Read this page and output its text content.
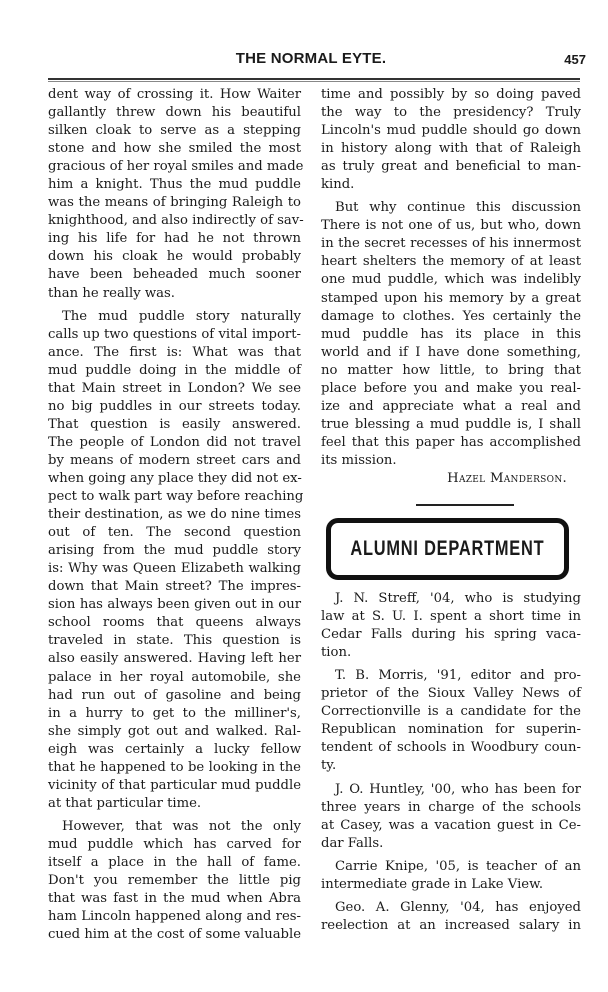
THE NORMAL EYTE.	457
dent way of crossing it. How Waiter
gallantly threw down his beautiful
silken cloak to serve as a stepping
stone and how she smiled the most
gracious of her royal smiles and made
him a knight. Thus the mud puddle
was the means of bringing Raleigh to
knighthood, and also indirectly of sav-
ing his life for had he not thrown
down his cloak he would probably
have been beheaded much sooner
than he really was.
The mud puddle story naturally
calls up two questions of vital import-
ance. The first is: What was that
mud puddle doing in the middle of
that Main street in London? We see
no big puddles in our streets today.
That question is easily answered.
The people of London did not travel
by means of modern street cars and
when going any place they did not ex-
pect to walk part way before reaching
their destination, as we do nine times
out of ten. The second question
arising from the mud puddle story
is: Why was Queen Elizabeth walking
down that Main street? The impres-
sion has always been given out in our
school rooms that queens always
traveled in state. This question is
also easily answered. Having left her
palace in her royal automobile, she
had run out of gasoline and being
in a hurry to get to the milliner's,
she simply got out and walked. Ral-
eigh was certainly a lucky fellow
that he happened to be looking in the
vicinity of that particular mud puddle
at that particular time.
However, that was not the only
mud puddle which has carved for
itself a place in the hall of fame.
Don't you remember the little pig
that was fast in the mud when Abra
ham Lincoln happened along and res-
cued him at the cost of some valuable
time and possibly by so doing paved
the way to the presidency? Truly
Lincoln's mud puddle should go down
in history along with that of Raleigh
as truly great and beneficial to man-
kind.
But why continue this discussion
There is not one of us, but who, down
in the secret recesses of his innermost
heart shelters the memory of at least
one mud puddle, which was indelibly
stamped upon his memory by a great
damage to clothes. Yes certainly the
mud puddle has its place in this
world and if I have done something,
no matter how little, to bring that
place before you and make you real-
ize and appreciate what a real and
true blessing a mud puddle is, I shall
feel that this paper has accomplished
its mission.
Hazel Manderson.
ALUMNI DEPARTMENT
J. N. Streff, '04, who is studying
law at S. U. I. spent a short time in
Cedar Falls during his spring vaca-
tion.
T. B. Morris, '91, editor and pro-
prietor of the Sioux Valley News of
Correctionville is a candidate for the
Republican nomination for superin-
tendent of schools in Woodbury coun-
ty.
J. O. Huntley, '00, who has been for
three years in charge of the schools
at Casey, was a vacation guest in Ce-
dar Falls.
Carrie Knipe, '05, is teacher of an
intermediate grade in Lake View.
Geo. A. Glenny, '04, has enjoyed
reelection at an increased salary in
